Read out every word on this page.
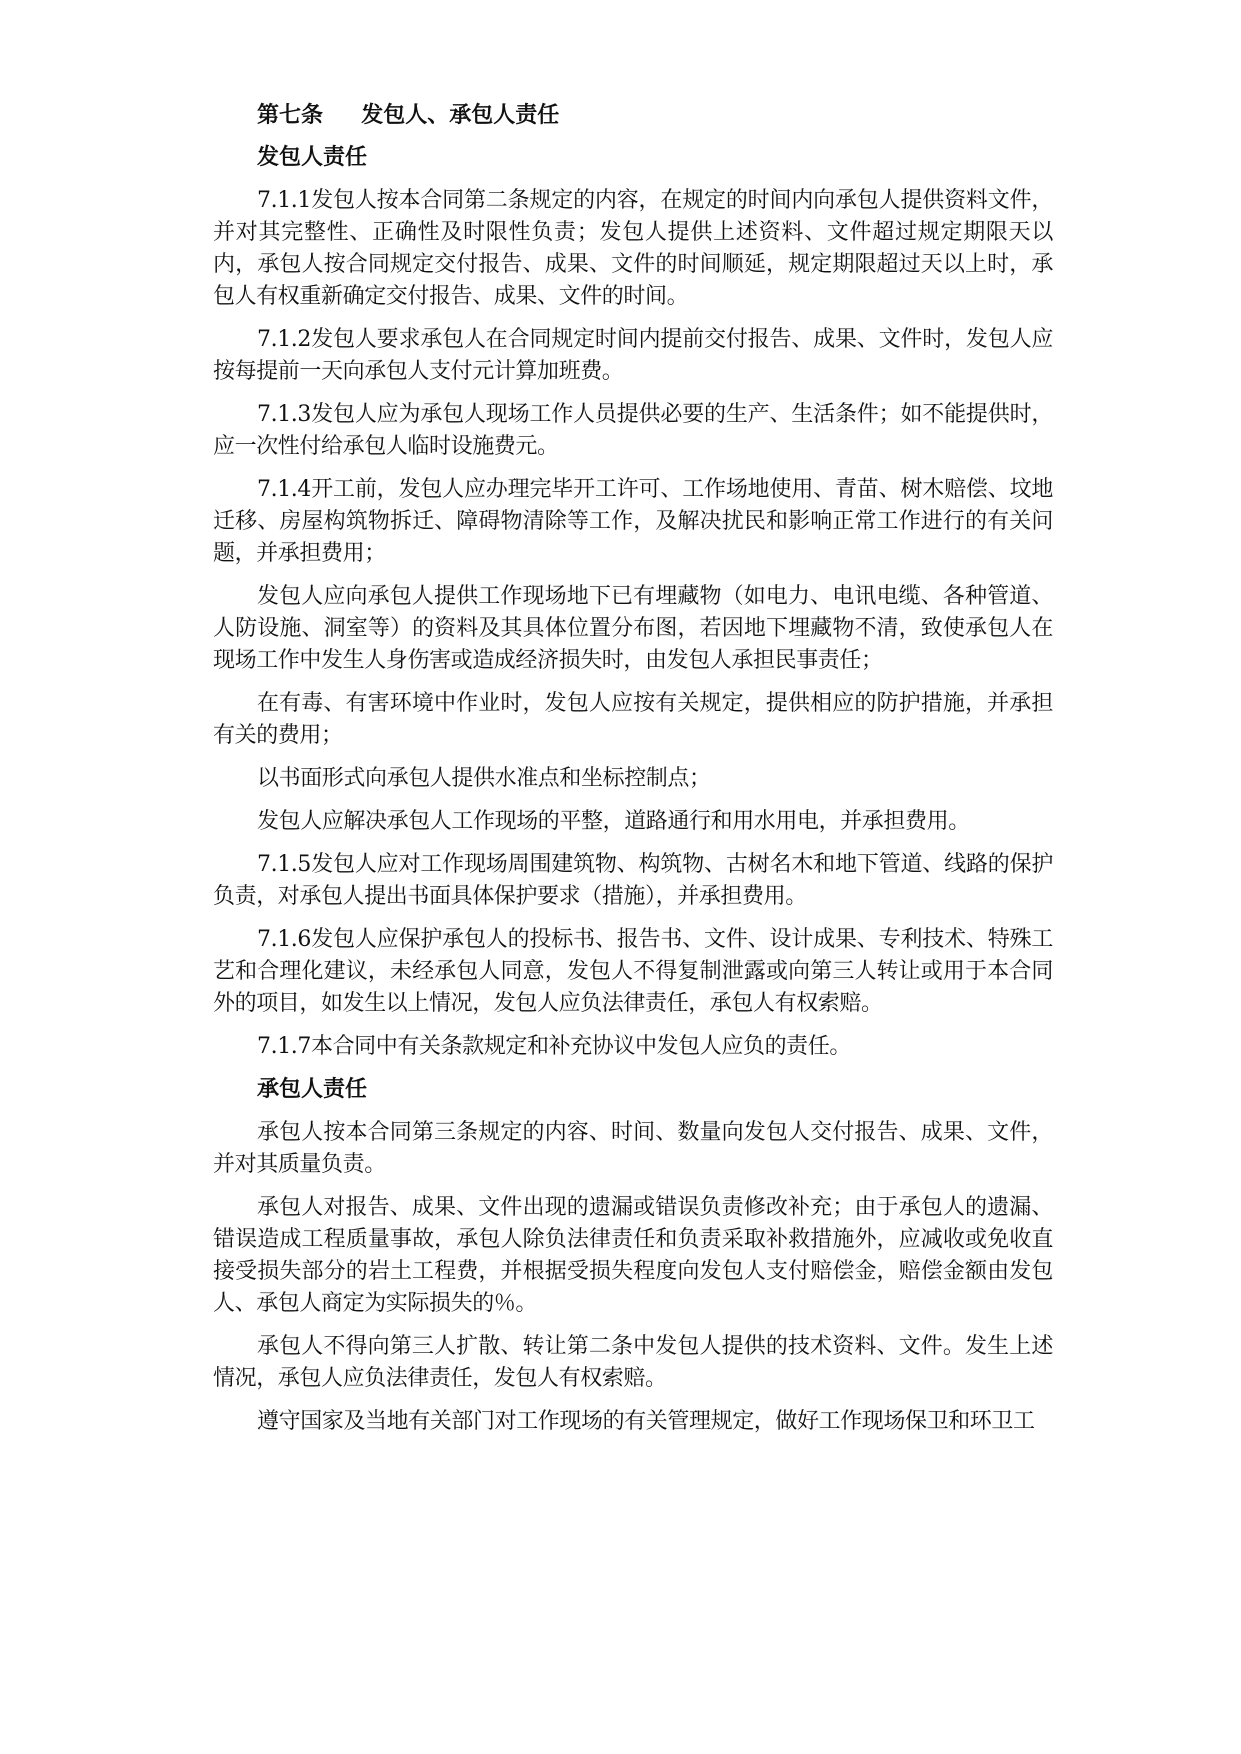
第七条     发包人、承包人责任
发包人责任

7.1.1发包人按本合同第二条规定的内容，在规定的时间内向承包人提供资料文件，并对其完整性、正确性及时限性负责；发包人提供上述资料、文件超过规定期限天以内，承包人按合同规定交付报告、成果、文件的时间顺延，规定期限超过天以上时，承包人有权重新确定交付报告、成果、文件的时间。

7.1.2发包人要求承包人在合同规定时间内提前交付报告、成果、文件时，发包人应按每提前一天向承包人支付元计算加班费。

7.1.3发包人应为承包人现场工作人员提供必要的生产、生活条件；如不能提供时，应一次性付给承包人临时设施费元。

7.1.4开工前，发包人应办理完毕开工许可、工作场地使用、青苗、树木赔偿、坟地迁移、房屋构筑物拆迁、障碍物清除等工作，及解决扰民和影响正常工作进行的有关问题，并承担费用；

发包人应向承包人提供工作现场地下已有埋藏物（如电力、电讯电缆、各种管道、人防设施、洞室等）的资料及其具体位置分布图，若因地下埋藏物不清，致使承包人在现场工作中发生人身伤害或造成经济损失时，由发包人承担民事责任；

在有毒、有害环境中作业时，发包人应按有关规定，提供相应的防护措施，并承担有关的费用；

以书面形式向承包人提供水准点和坐标控制点；

发包人应解决承包人工作现场的平整，道路通行和用水用电，并承担费用。

7.1.5发包人应对工作现场周围建筑物、构筑物、古树名木和地下管道、线路的保护负责，对承包人提出书面具体保护要求（措施），并承担费用。

7.1.6发包人应保护承包人的投标书、报告书、文件、设计成果、专利技术、特殊工艺和合理化建议，未经承包人同意，发包人不得复制泄露或向第三人转让或用于本合同外的项目，如发生以上情况，发包人应负法律责任，承包人有权索赔。

7.1.7本合同中有关条款规定和补充协议中发包人应负的责任。

承包人责任

承包人按本合同第三条规定的内容、时间、数量向发包人交付报告、成果、文件，并对其质量负责。

承包人对报告、成果、文件出现的遗漏或错误负责修改补充；由于承包人的遗漏、错误造成工程质量事故，承包人除负法律责任和负责采取补救措施外，应减收或免收直接受损失部分的岩土工程费，并根据受损失程度向发包人支付赔偿金，赔偿金额由发包人、承包人商定为实际损失的％。

承包人不得向第三人扩散、转让第二条中发包人提供的技术资料、文件。发生上述情况，承包人应负法律责任，发包人有权索赔。

遵守国家及当地有关部门对工作现场的有关管理规定，做好工作现场保卫和环卫工
